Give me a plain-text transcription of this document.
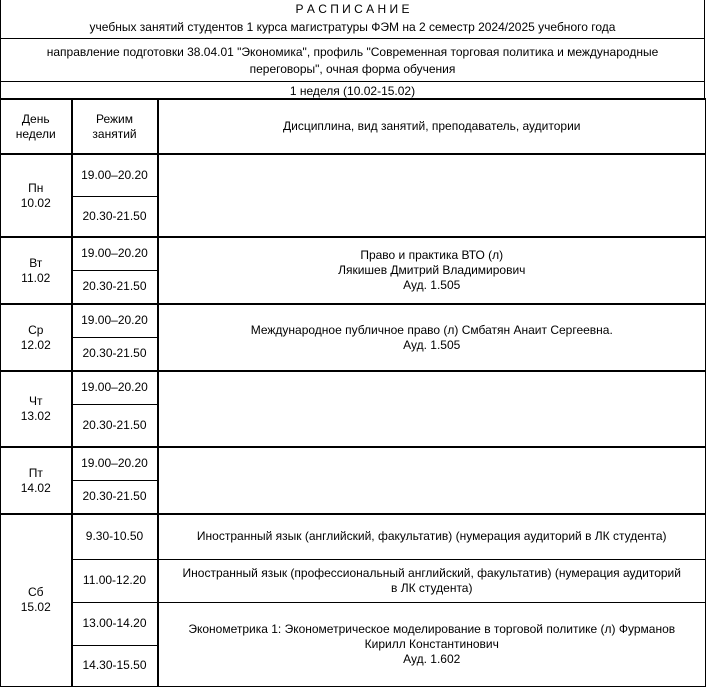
Р А С П И С А Н И Е
учебных занятий студентов 1 курса магистратуры ФЭМ на 2 семестр 2024/2025 учебного года
направление подготовки 38.04.01 "Экономика", профиль "Современная торговая политика и международные
переговоры", очная форма обучения
1 неделя (10.02-15.02)
День
недели	Режим
занятий	Дисциплина, вид занятий, преподаватель, аудитории
Пн
10.02	19.00–20.20	
	20.30-21.50	
Вт
11.02	19.00–20.20	Право и практика ВТО (л)
Лякишев Дмитрий Владимирович
Ауд. 1.505
	20.30-21.50	
Ср
12.02	19.00–20.20	Международное публичное право (л) Смбатян Анаит Сергеевна.
Ауд. 1.505
	20.30-21.50	
Чт
13.02	19.00–20.20	
	20.30-21.50	
Пт
14.02	19.00–20.20	
	20.30-21.50	
Сб
15.02	9.30-10.50	Иностранный язык (английский, факультатив) (нумерация аудиторий в ЛК студента)
	11.00-12.20	Иностранный язык (профессиональный английский, факультатив) (нумерация аудиторий
в ЛК студента)
	13.00-14.20	Эконометрика 1: Эконометрическое моделирование в торговой политике (л) Фурманов
Кирилл Константинович
Ауд. 1.602
	14.30-15.50	
